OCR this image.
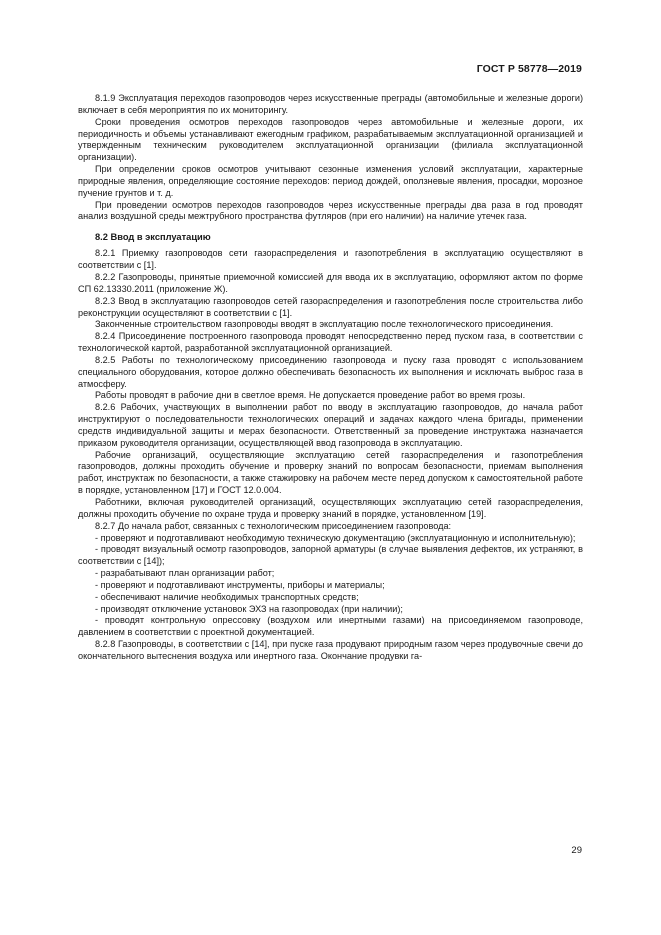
ГОСТ Р 58778—2019

8.1.9 Эксплуатация переходов газопроводов через искусственные преграды (автомобильные и железные дороги) включает в себя мероприятия по их мониторингу.

Сроки проведения осмотров переходов газопроводов через автомобильные и железные дороги, их периодичность и объемы устанавливают ежегодным графиком, разрабатываемым эксплуатационной организацией и утвержденным техническим руководителем эксплуатационной организации (филиала эксплуатационной организации).

При определении сроков осмотров учитывают сезонные изменения условий эксплуатации, характерные природные явления, определяющие состояние переходов: период дождей, оползневые явления, просадки, морозное пучение грунтов и т. д.

При проведении осмотров переходов газопроводов через искусственные преграды два раза в год проводят анализ воздушной среды межтрубного пространства футляров (при его наличии) на наличие утечек газа.

8.2 Ввод в эксплуатацию

8.2.1 Приемку газопроводов сети газораспределения и газопотребления в эксплуатацию осуществляют в соответствии с [1].

8.2.2 Газопроводы, принятые приемочной комиссией для ввода их в эксплуатацию, оформляют актом по форме СП 62.13330.2011 (приложение Ж).

8.2.3 Ввод в эксплуатацию газопроводов сетей газораспределения и газопотребления после строительства либо реконструкции осуществляют в соответствии с [1].

Законченные строительством газопроводы вводят в эксплуатацию после технологического присоединения.

8.2.4 Присоединение построенного газопровода проводят непосредственно перед пуском газа, в соответствии с технологической картой, разработанной эксплуатационной организацией.

8.2.5 Работы по технологическому присоединению газопровода и пуску газа проводят с использованием специального оборудования, которое должно обеспечивать безопасность их выполнения и исключать выброс газа в атмосферу.

Работы проводят в рабочие дни в светлое время. Не допускается проведение работ во время грозы.

8.2.6 Рабочих, участвующих в выполнении работ по вводу в эксплуатацию газопроводов, до начала работ инструктируют о последовательности технологических операций и задачах каждого члена бригады, применении средств индивидуальной защиты и мерах безопасности. Ответственный за проведение инструктажа назначается приказом руководителя организации, осуществляющей ввод газопровода в эксплуатацию.

Рабочие организаций, осуществляющие эксплуатацию сетей газораспределения и газопотребления газопроводов, должны проходить обучение и проверку знаний по вопросам безопасности, приемам выполнения работ, инструктаж по безопасности, а также стажировку на рабочем месте перед допуском к самостоятельной работе в порядке, установленном [17] и ГОСТ 12.0.004.

Работники, включая руководителей организаций, осуществляющих эксплуатацию сетей газораспределения, должны проходить обучение по охране труда и проверку знаний в порядке, установленном [19].

8.2.7 До начала работ, связанных с технологическим присоединением газопровода:

- проверяют и подготавливают необходимую техническую документацию (эксплуатационную и исполнительную);

- проводят визуальный осмотр газопроводов, запорной арматуры (в случае выявления дефектов, их устраняют, в соответствии с [14]);

- разрабатывают план организации работ;

- проверяют и подготавливают инструменты, приборы и материалы;

- обеспечивают наличие необходимых транспортных средств;

- производят отключение установок ЭХЗ на газопроводах (при наличии);

- проводят контрольную опрессовку (воздухом или инертными газами) на присоединяемом газопроводе, давлением в соответствии с проектной документацией.

8.2.8 Газопроводы, в соответствии с [14], при пуске газа продувают природным газом через продувочные свечи до окончательного вытеснения воздуха или инертного газа. Окончание продувки га-

29
